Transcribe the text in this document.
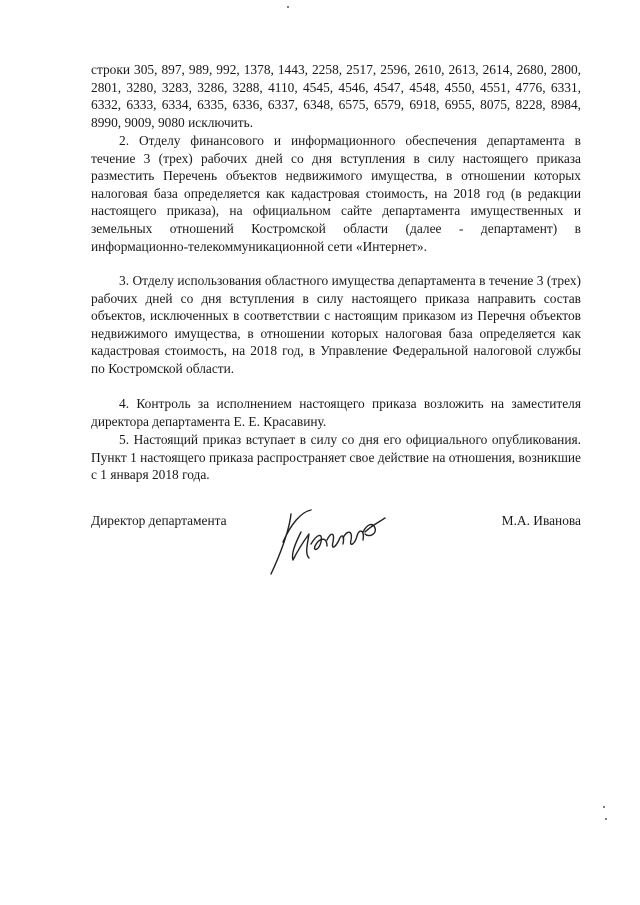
строки 305, 897, 989, 992, 1378, 1443, 2258, 2517, 2596, 2610, 2613, 2614, 2680, 2800, 2801, 3280, 3283, 3286, 3288, 4110, 4545, 4546, 4547, 4548, 4550, 4551, 4776, 6331, 6332, 6333, 6334, 6335, 6336, 6337, 6348, 6575, 6579, 6918, 6955, 8075, 8228, 8984, 8990, 9009, 9080 исключить.

2. Отделу финансового и информационного обеспечения департамента в течение 3 (трех) рабочих дней со дня вступления в силу настоящего приказа разместить Перечень объектов недвижимого имущества, в отношении которых налоговая база определяется как кадастровая стоимость, на 2018 год (в редакции настоящего приказа), на официальном сайте департамента имущественных и земельных отношений Костромской области (далее - департамент) в информационно-телекоммуникационной сети «Интернет».

3. Отделу использования областного имущества департамента в течение 3 (трех) рабочих дней со дня вступления в силу настоящего приказа направить состав объектов, исключенных в соответствии с настоящим приказом из Перечня объектов недвижимого имущества, в отношении которых налоговая база определяется как кадастровая стоимость, на 2018 год, в Управление Федеральной налоговой службы по Костромской области.

4. Контроль за исполнением настоящего приказа возложить на заместителя директора департамента Е. Е. Красавину.

5. Настоящий приказ вступает в силу со дня его официального опубликования. Пункт 1 настоящего приказа распространяет свое действие на отношения, возникшие с 1 января 2018 года.

Директор департамента	М.А. Иванова
